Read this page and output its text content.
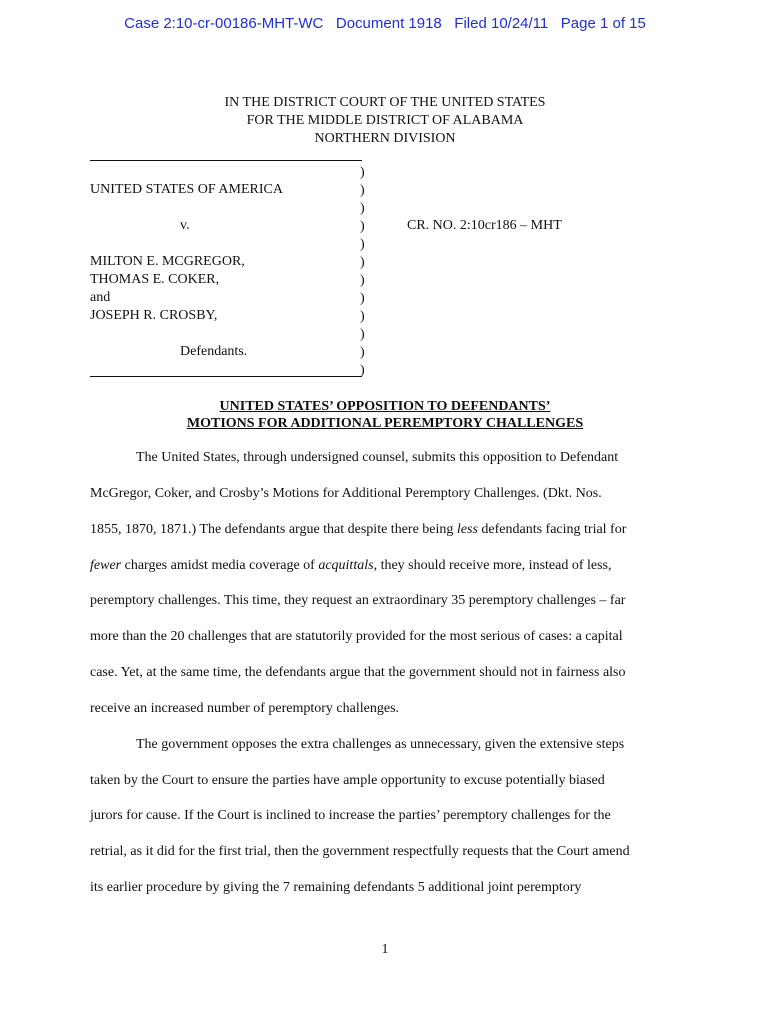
Case 2:10-cr-00186-MHT-WC Document 1918 Filed 10/24/11 Page 1 of 15
IN THE DISTRICT COURT OF THE UNITED STATES
FOR THE MIDDLE DISTRICT OF ALABAMA
NORTHERN DIVISION
)
)
)
)
)
)
)
)
)
)
)
)
UNITED STATES OF AMERICA
v.
MILTON E. MCGREGOR,
THOMAS E. COKER,
and
JOSEPH R. CROSBY,
Defendants.
CR. NO. 2:10cr186 – MHT
UNITED STATES’ OPPOSITION TO DEFENDANTS’
MOTIONS FOR ADDITIONAL PEREMPTORY CHALLENGES
The United States, through undersigned counsel, submits this opposition to Defendant
McGregor, Coker, and Crosby’s Motions for Additional Peremptory Challenges. (Dkt. Nos.
1855, 1870, 1871.) The defendants argue that despite there being less defendants facing trial for
fewer charges amidst media coverage of acquittals, they should receive more, instead of less,
peremptory challenges. This time, they request an extraordinary 35 peremptory challenges – far
more than the 20 challenges that are statutorily provided for the most serious of cases: a capital
case. Yet, at the same time, the defendants argue that the government should not in fairness also
receive an increased number of peremptory challenges.
The government opposes the extra challenges as unnecessary, given the extensive steps
taken by the Court to ensure the parties have ample opportunity to excuse potentially biased
jurors for cause. If the Court is inclined to increase the parties’ peremptory challenges for the
retrial, as it did for the first trial, then the government respectfully requests that the Court amend
its earlier procedure by giving the 7 remaining defendants 5 additional joint peremptory
1
